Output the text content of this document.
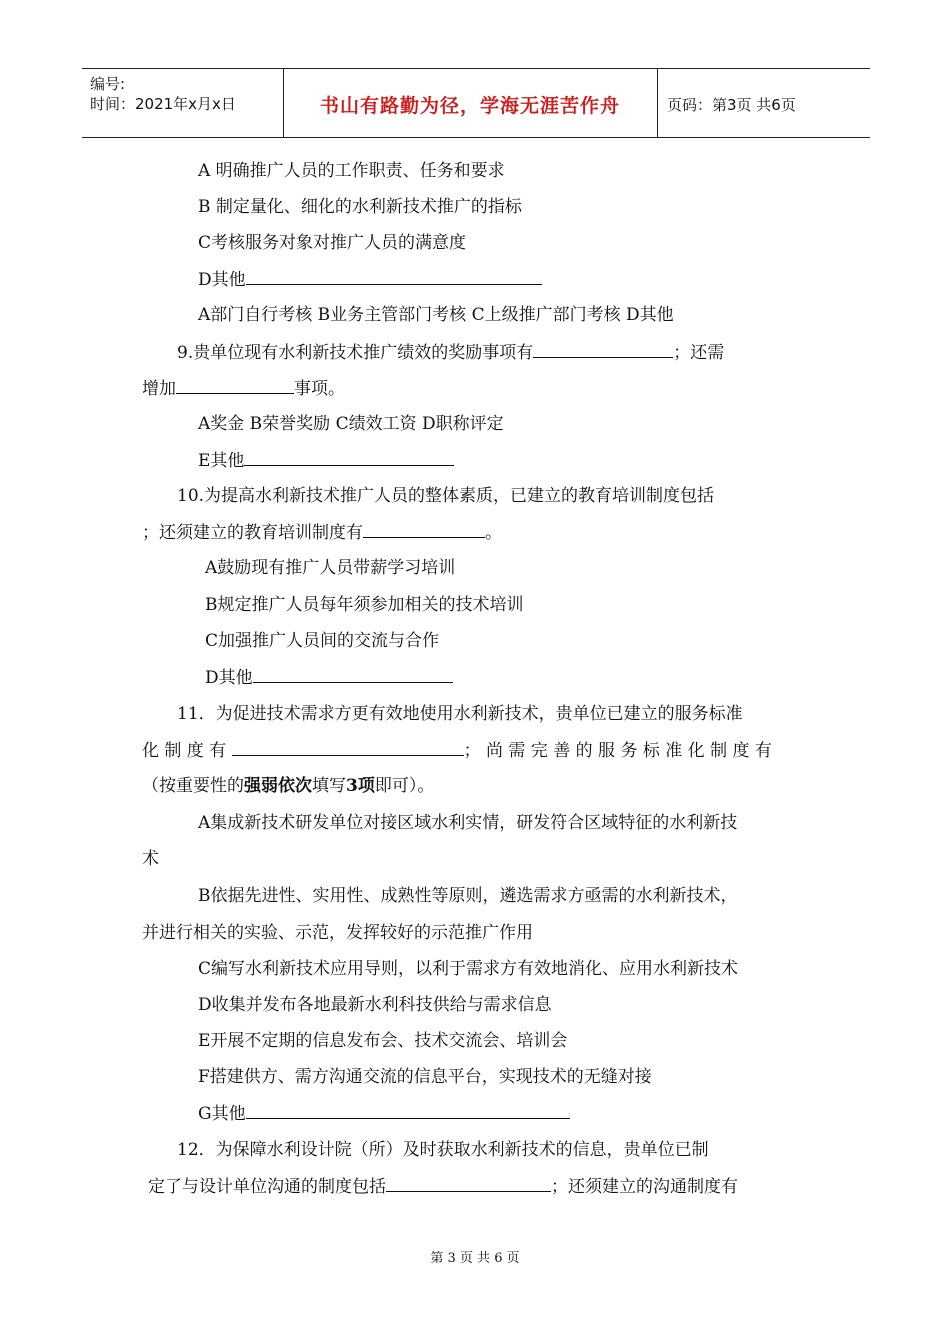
编号:
时间：2021年x月x日	书山有路勤为径，学海无涯苦作舟	页码：第3页 共6页
A 明确推广人员的工作职责、任务和要求
B 制定量化、细化的水利新技术推广的指标
C考核服务对象对推广人员的满意度
D其他
A部门自行考核 B业务主管部门考核 C上级推广部门考核 D其他
9.贵单位现有水利新技术推广绩效的奖励事项有	；还需
增加	事项。
A奖金 B荣誉奖励 C绩效工资 D职称评定
E其他
10.为提高水利新技术推广人员的整体素质，已建立的教育培训制度包括
；还须建立的教育培训制度有	。
A鼓励现有推广人员带薪学习培训
B规定推广人员每年须参加相关的技术培训
C加强推广人员间的交流与合作
D其他
11．为促进技术需求方更有效地使用水利新技术，贵单位已建立的服务标准
化 制 度 有	； 尚 需 完 善 的 服 务 标 准 化 制 度 有
（按重要性的强弱依次填写3项即可）。
A集成新技术研发单位对接区域水利实情，研发符合区域特征的水利新技
术
B依据先进性、实用性、成熟性等原则，遴选需求方亟需的水利新技术，
并进行相关的实验、示范，发挥较好的示范推广作用
C编写水利新技术应用导则，以利于需求方有效地消化、应用水利新技术
D收集并发布各地最新水利科技供给与需求信息
E开展不定期的信息发布会、技术交流会、培训会
F搭建供方、需方沟通交流的信息平台，实现技术的无缝对接
G其他
12．为保障水利设计院（所）及时获取水利新技术的信息，贵单位已制
定了与设计单位沟通的制度包括	；还须建立的沟通制度有
第 3 页 共 6 页
